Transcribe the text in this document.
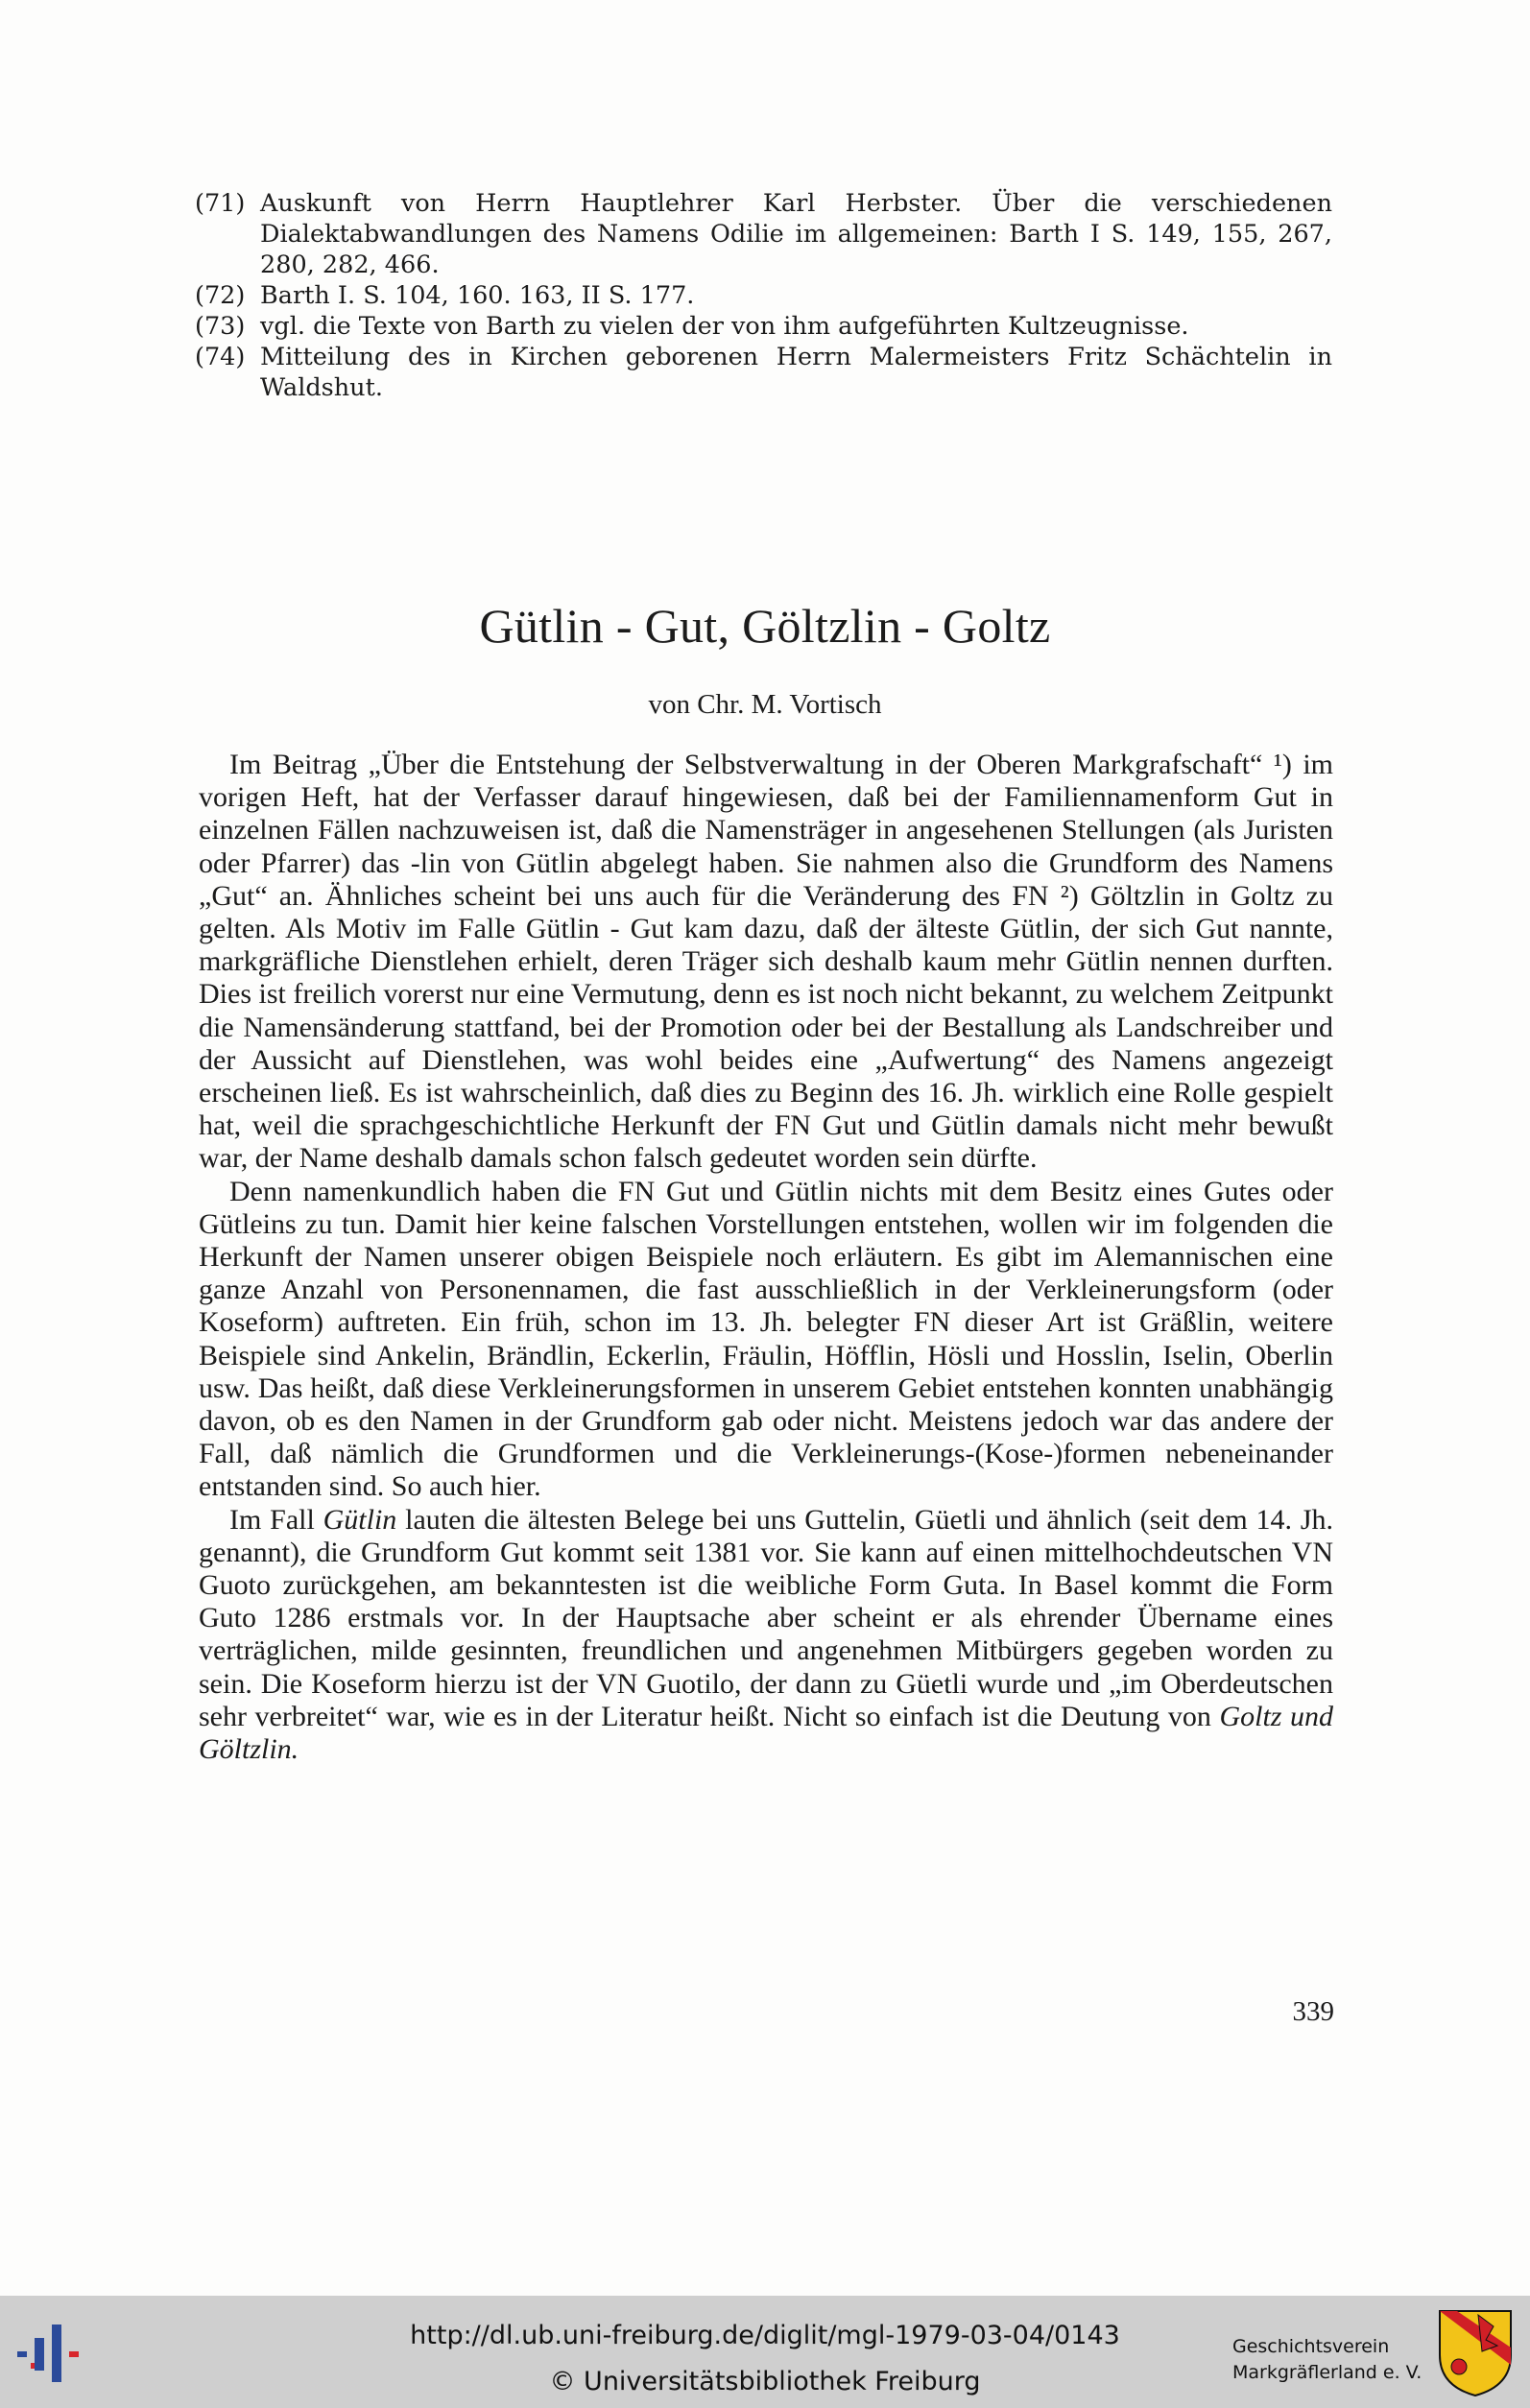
(71) Auskunft von Herrn Hauptlehrer Karl Herbster. Über die verschiedenen Dialektabwandlungen des Namens Odilie im allgemeinen: Barth I S. 149, 155, 267, 280, 282, 466.
(72) Barth I. S. 104, 160. 163, II S. 177.
(73) vgl. die Texte von Barth zu vielen der von ihm aufgeführten Kultzeugnisse.
(74) Mitteilung des in Kirchen geborenen Herrn Malermeisters Fritz Schächtelin in Waldshut.
Gütlin - Gut, Göltzlin - Goltz
von Chr. M. Vortisch

Im Beitrag „Über die Entstehung der Selbstverwaltung in der Oberen Markgrafschaft“ ¹) im vorigen Heft, hat der Verfasser darauf hingewiesen, daß bei der Familiennamenform Gut in einzelnen Fällen nachzuweisen ist, daß die Namensträger in angesehenen Stellungen (als Juristen oder Pfarrer) das -lin von Gütlin abgelegt haben. Sie nahmen also die Grundform des Namens „Gut“ an. Ähnliches scheint bei uns auch für die Veränderung des FN ²) Göltzlin in Goltz zu gelten. Als Motiv im Falle Gütlin - Gut kam dazu, daß der älteste Gütlin, der sich Gut nannte, markgräfliche Dienstlehen erhielt, deren Träger sich deshalb kaum mehr Gütlin nennen durften. Dies ist freilich vorerst nur eine Vermutung, denn es ist noch nicht bekannt, zu welchem Zeitpunkt die Namensänderung stattfand, bei der Promotion oder bei der Bestallung als Landschreiber und der Aussicht auf Dienstlehen, was wohl beides eine „Aufwertung“ des Namens angezeigt erscheinen ließ. Es ist wahrscheinlich, daß dies zu Beginn des 16. Jh. wirklich eine Rolle gespielt hat, weil die sprachgeschichtliche Herkunft der FN Gut und Gütlin damals nicht mehr bewußt war, der Name deshalb damals schon falsch gedeutet worden sein dürfte.

Denn namenkundlich haben die FN Gut und Gütlin nichts mit dem Besitz eines Gutes oder Gütleins zu tun. Damit hier keine falschen Vorstellungen entstehen, wollen wir im folgenden die Herkunft der Namen unserer obigen Beispiele noch erläutern. Es gibt im Alemannischen eine ganze Anzahl von Personennamen, die fast ausschließlich in der Verkleinerungsform (oder Koseform) auftreten. Ein früh, schon im 13. Jh. belegter FN dieser Art ist Gräßlin, weitere Beispiele sind Ankelin, Brändlin, Eckerlin, Fräulin, Höfflin, Hösli und Hosslin, Iselin, Oberlin usw. Das heißt, daß diese Verkleinerungsformen in unserem Gebiet entstehen konnten unabhängig davon, ob es den Namen in der Grundform gab oder nicht. Meistens jedoch war das andere der Fall, daß nämlich die Grundformen und die Verkleinerungs-(Kose-)formen nebeneinander entstanden sind. So auch hier.

Im Fall Gütlin lauten die ältesten Belege bei uns Guttelin, Güetli und ähnlich (seit dem 14. Jh. genannt), die Grundform Gut kommt seit 1381 vor. Sie kann auf einen mittelhochdeutschen VN Guoto zurückgehen, am bekanntesten ist die weibliche Form Guta. In Basel kommt die Form Guto 1286 erstmals vor. In der Hauptsache aber scheint er als ehrender Übername eines verträglichen, milde gesinnten, freundlichen und angenehmen Mitbürgers gegeben worden zu sein. Die Koseform hierzu ist der VN Guotilo, der dann zu Güetli wurde und „im Oberdeutschen sehr verbreitet“ war, wie es in der Literatur heißt. Nicht so einfach ist die Deutung von Goltz und Göltzlin.

339
http://dl.ub.uni-freiburg.de/diglit/mgl-1979-03-04/0143
© Universitätsbibliothek Freiburg
Geschichtsverein
Markgräflerland e. V.
